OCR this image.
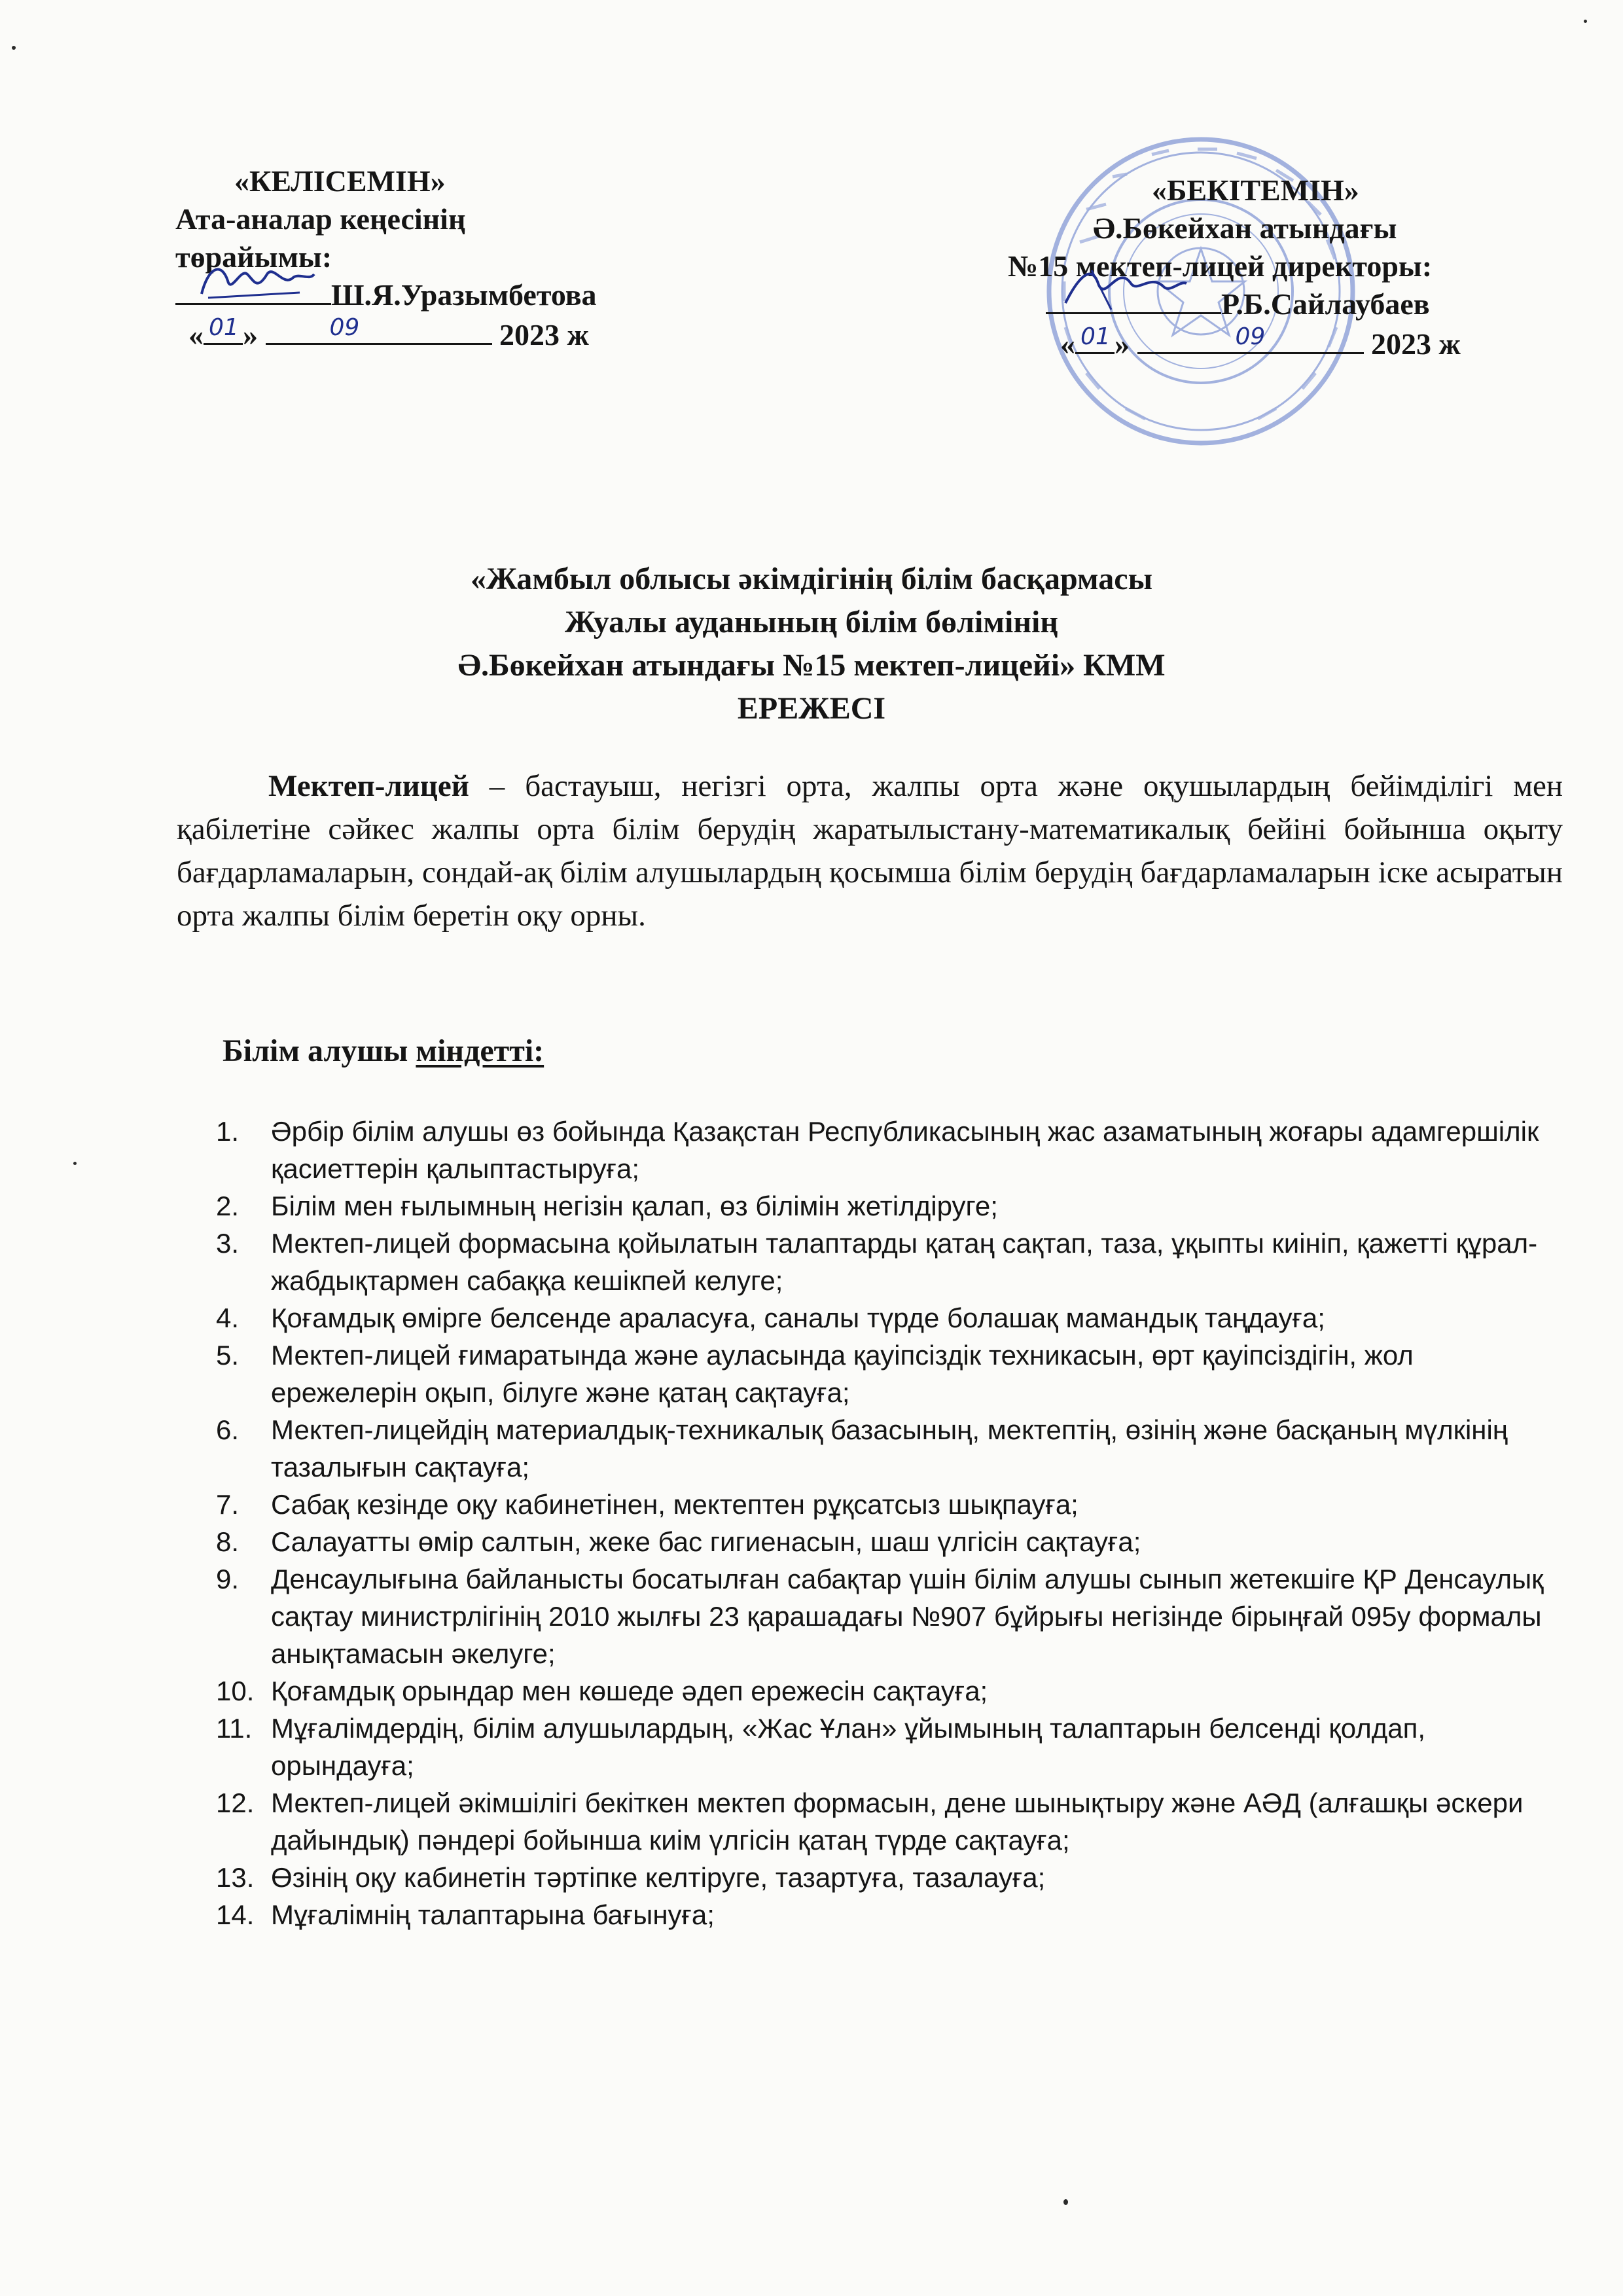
«КЕЛІСЕМІН»
Ата-аналар кеңесінің
төрайымы:
Ш.Я.Уразымбетова
« 01 »	09	2023 ж
«БЕКІТЕМІН»
Ә.Бөкейхан атындағы
№15 мектеп-лицей директоры:
Р.Б.Сайлаубаев
« 01 »	09	2023 ж
«Жамбыл облысы әкімдігінің білім басқармасы
Жуалы ауданының білім бөлімінің
Ә.Бөкейхан атындағы №15 мектеп-лицейі» КММ
ЕРЕЖЕСІ

Мектеп-лицей – бастауыш, негізгі орта, жалпы орта және оқушылардың бейімділігі мен қабілетіне сәйкес жалпы орта білім берудің жаратылыстану-математикалық бейіні бойынша оқыту бағдарламаларын, сондай-ақ білім алушылардың қосымша білім берудің бағдарламаларын іске асыратын орта жалпы білім беретін оқу орны.

Білім алушы міндетті:
1.	Әрбір білім алушы өз бойында Қазақстан Республикасының жас азаматының жоғары адамгершілік қасиеттерін қалыптастыруға;
2.	Білім мен ғылымның негізін қалап, өз білімін жетілдіруге;
3.	Мектеп-лицей формасына қойылатын талаптарды қатаң сақтап, таза, ұқыпты киініп, қажетті құрал-жабдықтармен сабаққа кешікпей келуге;
4.	Қоғамдық өмірге белсенде араласуға, саналы түрде болашақ мамандық таңдауға;
5.	Мектеп-лицей ғимаратында және ауласында қауіпсіздік техникасын, өрт қауіпсіздігін, жол ережелерін оқып, білуге және қатаң сақтауға;
6.	Мектеп-лицейдің материалдық-техникалық базасының, мектептің, өзінің және басқаның мүлкінің тазалығын сақтауға;
7.	Сабақ кезінде оқу кабинетінен, мектептен рұқсатсыз шықпауға;
8.	Салауатты өмір салтын, жеке бас гигиенасын, шаш үлгісін сақтауға;
9.	Денсаулығына байланысты босатылған сабақтар үшін білім алушы сынып жетекшіге ҚР Денсаулық сақтау министрлігінің 2010 жылғы 23 қарашадағы №907 бұйрығы негізінде бірыңғай 095у формалы анықтамасын әкелуге;
10. Қоғамдық орындар мен көшеде әдеп ережесін сақтауға;
11. Мұғалімдердің, білім алушылардың, «Жас Ұлан» ұйымының талаптарын белсенді қолдап, орындауға;
12. Мектеп-лицей әкімшілігі бекіткен мектеп формасын, дене шынықтыру және АӘД (алғашқы әскери дайындық) пәндері бойынша киім үлгісін қатаң түрде сақтауға;
13. Өзінің оқу кабинетін тәртіпке келтіруге, тазартуға, тазалауға;
14. Мұғалімнің талаптарына бағынуға;
